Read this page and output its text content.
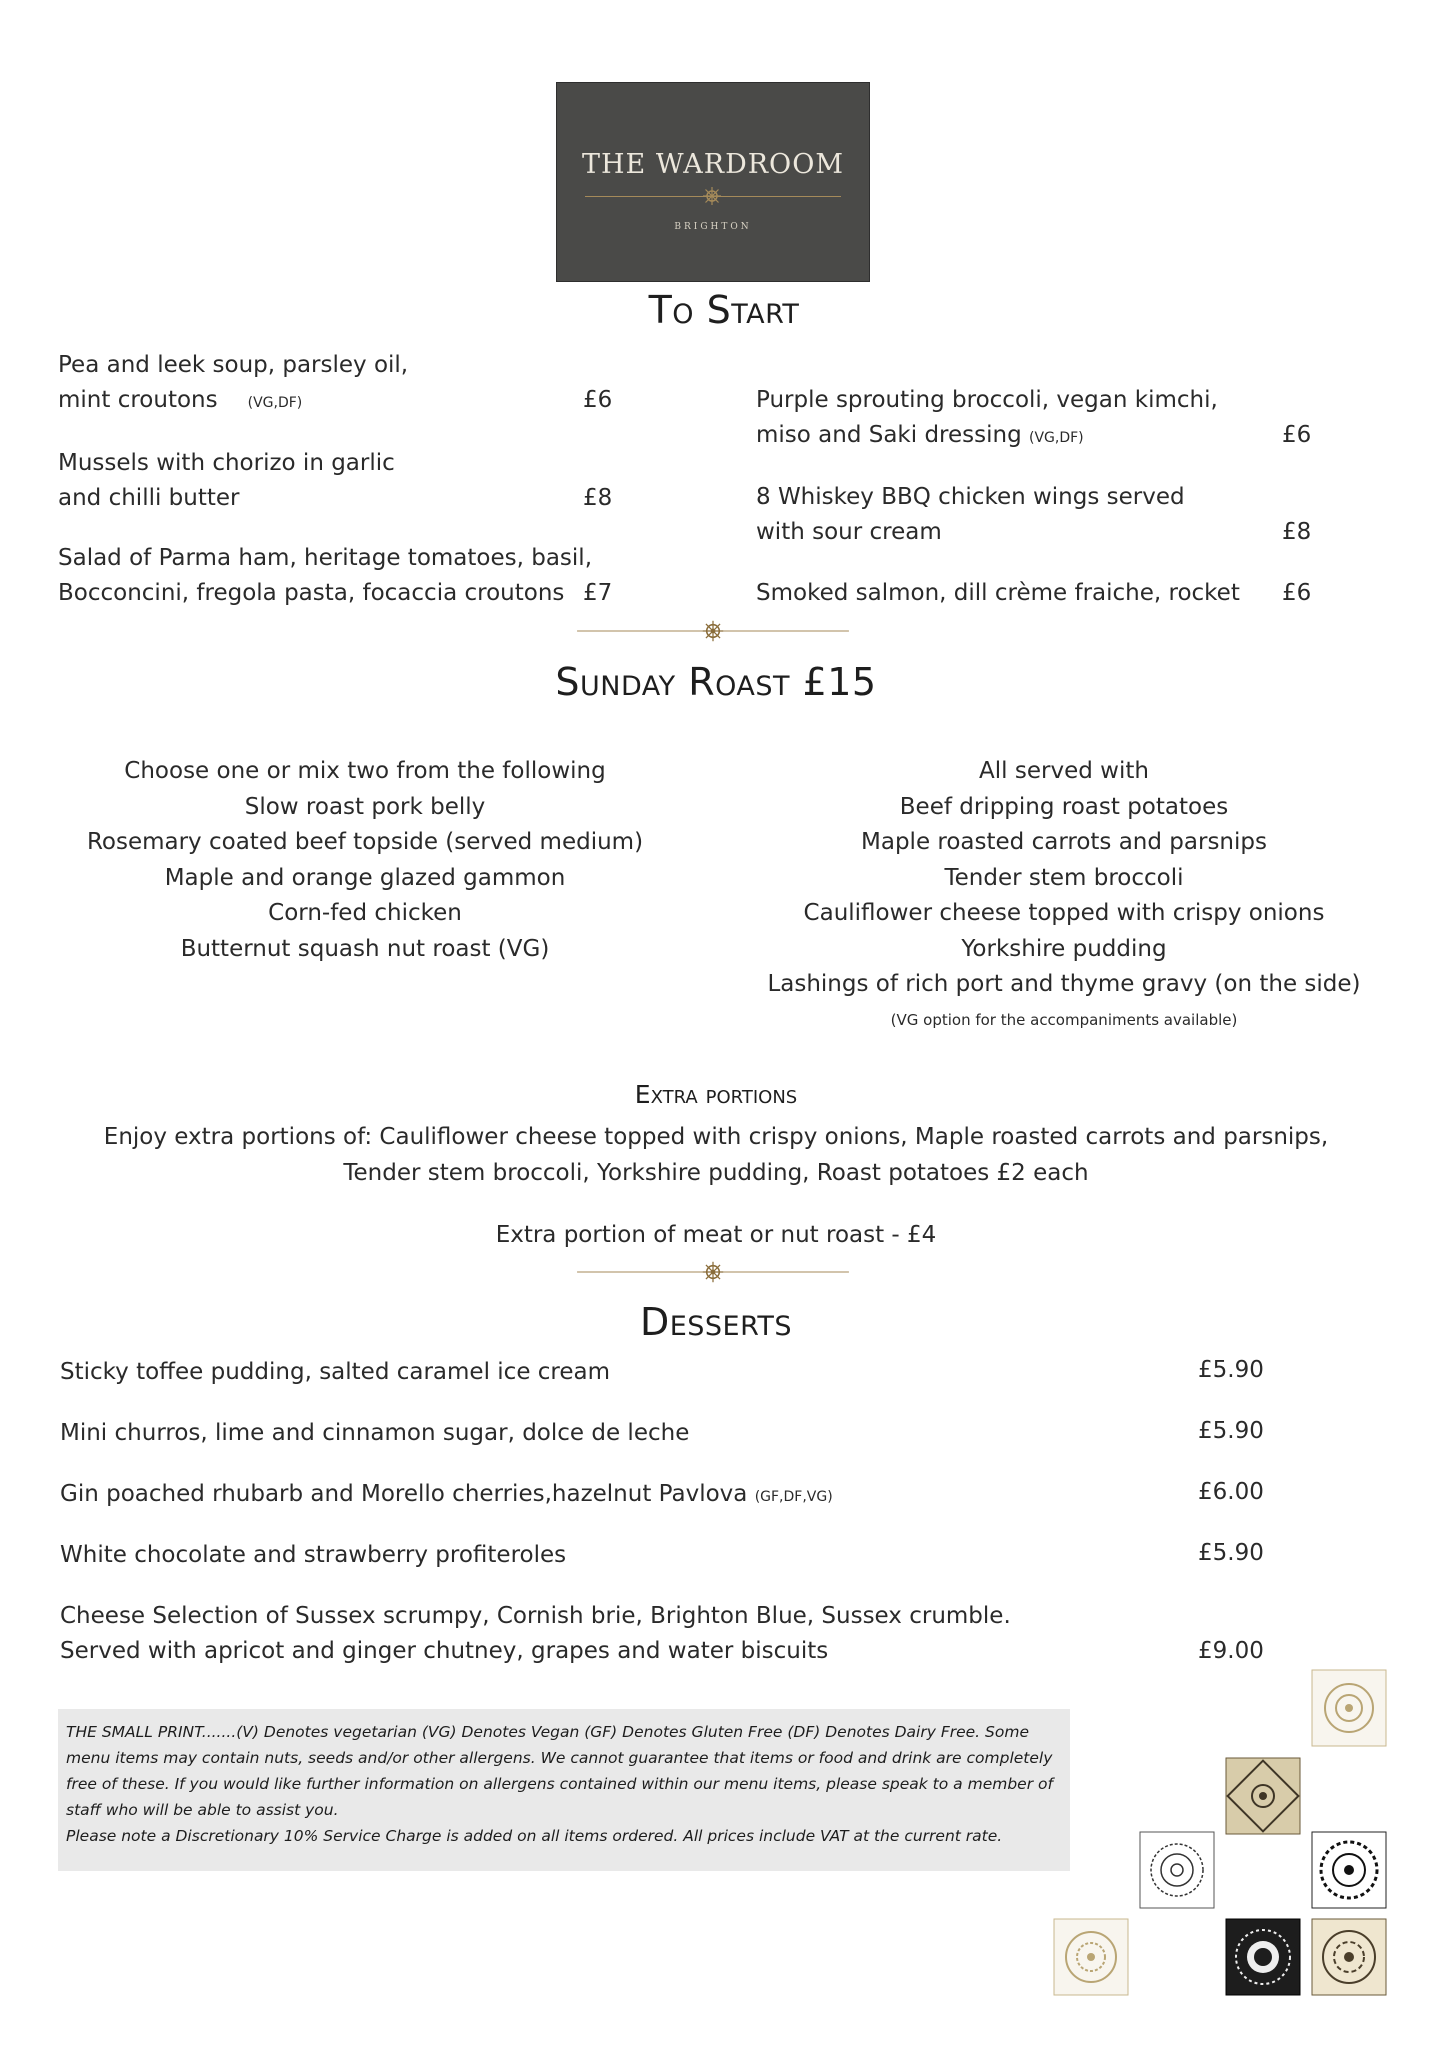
THE WARDROOM
BRIGHTON
To Start
Pea and leek soup, parsley oil,
mint croutons (VG,DF)	£6
Mussels with chorizo in garlic
and chilli butter	£8
Salad of Parma ham, heritage tomatoes, basil,
Bocconcini, fregola pasta, focaccia croutons £7
Purple sprouting broccoli, vegan kimchi,
miso and Saki dressing (VG,DF)	£6
8 Whiskey BBQ chicken wings served
with sour cream	£8
Smoked salmon, dill crème fraiche, rocket £6
Sunday Roast £15
Choose one or mix two from the following
Slow roast pork belly
Rosemary coated beef topside (served medium)
Maple and orange glazed gammon
Corn-fed chicken
Butternut squash nut roast (VG)
All served with
Beef dripping roast potatoes
Maple roasted carrots and parsnips
Tender stem broccoli
Cauliflower cheese topped with crispy onions
Yorkshire pudding
Lashings of rich port and thyme gravy (on the side)
(VG option for the accompaniments available)
Extra portions
Enjoy extra portions of: Cauliflower cheese topped with crispy onions, Maple roasted carrots and parsnips,
Tender stem broccoli, Yorkshire pudding, Roast potatoes £2 each
Extra portion of meat or nut roast - £4
Desserts
Sticky toffee pudding, salted caramel ice cream	£5.90
Mini churros, lime and cinnamon sugar, dolce de leche	£5.90
Gin poached rhubarb and Morello cherries,hazelnut Pavlova (GF,DF,VG)	£6.00
White chocolate and strawberry profiteroles	£5.90
Cheese Selection of Sussex scrumpy, Cornish brie, Brighton Blue, Sussex crumble.
Served with apricot and ginger chutney, grapes and water biscuits	£9.00

THE SMALL PRINT.......(V) Denotes vegetarian (VG) Denotes Vegan (GF) Denotes Gluten Free (DF) Denotes Dairy Free. Some

menu items may contain nuts, seeds and/or other allergens. We cannot guarantee that items or food and drink are completely

free of these. If you would like further information on allergens contained within our menu items, please speak to a member of

staff who will be able to assist you.

Please note a Discretionary 10% Service Charge is added on all items ordered. All prices include VAT at the current rate.
